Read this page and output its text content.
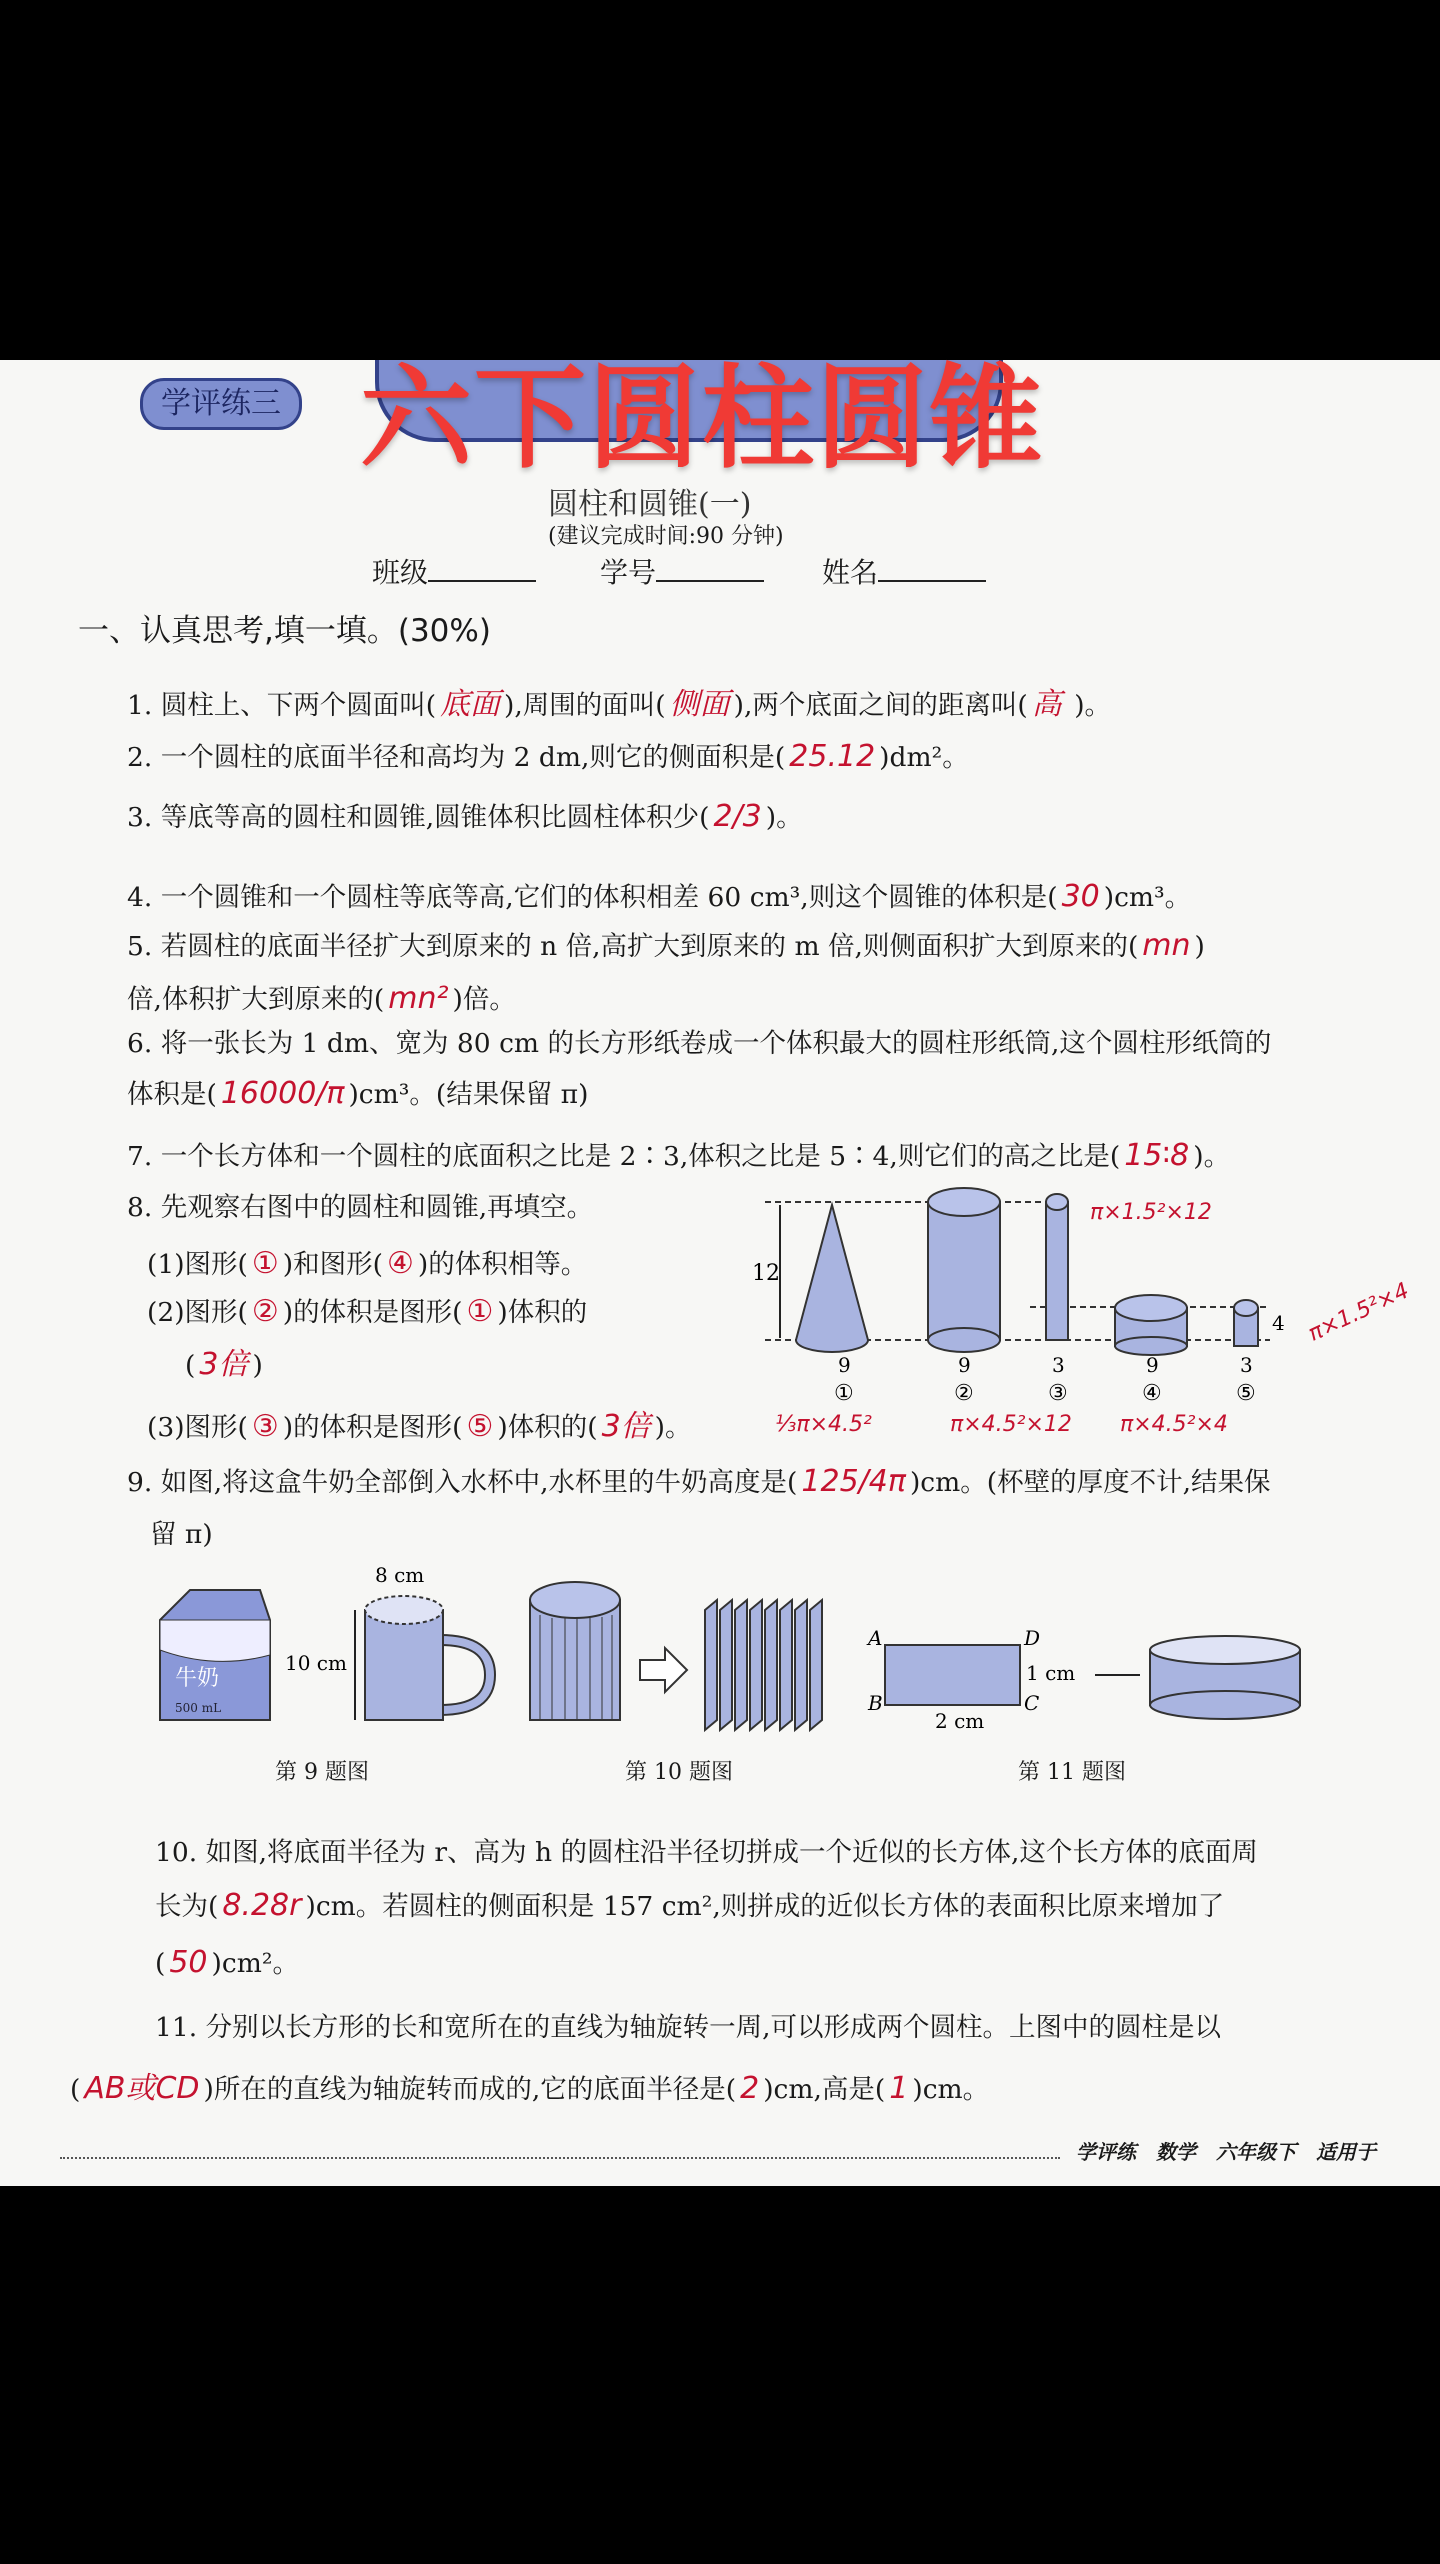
学评练三 六下圆柱圆锥
圆柱和圆锥(一)
(建议完成时间:90 分钟)
班级	学号	姓名
一、认真思考,填一填。(30%)
1. 圆柱上、下两个圆面叫( 底面 ),周围的面叫( 侧面 ),两个底面之间的距离叫( 高 )。
2. 一个圆柱的底面半径和高均为 2 dm,则它的侧面积是( 25.12 )dm²。
3. 等底等高的圆柱和圆锥,圆锥体积比圆柱体积少( 2/3 )。
4. 一个圆锥和一个圆柱等底等高,它们的体积相差 60 cm³,则这个圆锥的体积是( 30 )cm³。
5. 若圆柱的底面半径扩大到原来的 n 倍,高扩大到原来的 m 倍,则侧面积扩大到原来的( mn )
倍,体积扩大到原来的( mn² )倍。
6. 将一张长为 1 dm、宽为 80 cm 的长方形纸卷成一个体积最大的圆柱形纸筒,这个圆柱形纸筒的
体积是( 16000/π )cm³。(结果保留 π)
7. 一个长方体和一个圆柱的底面积之比是 2∶3,体积之比是 5∶4,则它们的高之比是( 15∶8 )。
8. 先观察右图中的圆柱和圆锥,再填空。
(1)图形( ① )和图形( ④ )的体积相等。
(2)图形( ② )的体积是图形( ① )体积的
( 3倍 )
(3)图形( ③ )的体积是图形( ⑤ )体积的( 3倍 )。
9. 如图,将这盒牛奶全部倒入水杯中,水杯里的牛奶高度是( 125/4π )cm。(杯壁的厚度不计,结果保
留 π)
10. 如图,将底面半径为 r、高为 h 的圆柱沿半径切拼成一个近似的长方体,这个长方体的底面周
长为( 8.28r )cm。若圆柱的侧面积是 157 cm²,则拼成的近似长方体的表面积比原来增加了
( 50 )cm²。
11. 分别以长方形的长和宽所在的直线为轴旋转一周,可以形成两个圆柱。上图中的圆柱是以
( AB或CD )所在的直线为轴旋转而成的,它的底面半径是( 2 )cm,高是( 1 )cm。
12
4
9	9	3	9	3
①	②	③	④	⑤
π×1.5²×12
⅓π×4.5²	π×4.5²×12 π×4.5²×4
π×1.5²×4
牛奶
500 mL
8 cm
10 cm
A
B	C
D
1 cm
2 cm
第 9 题图	第 10 题图	第 11 题图
学评练　数学　六年级下　适用于
